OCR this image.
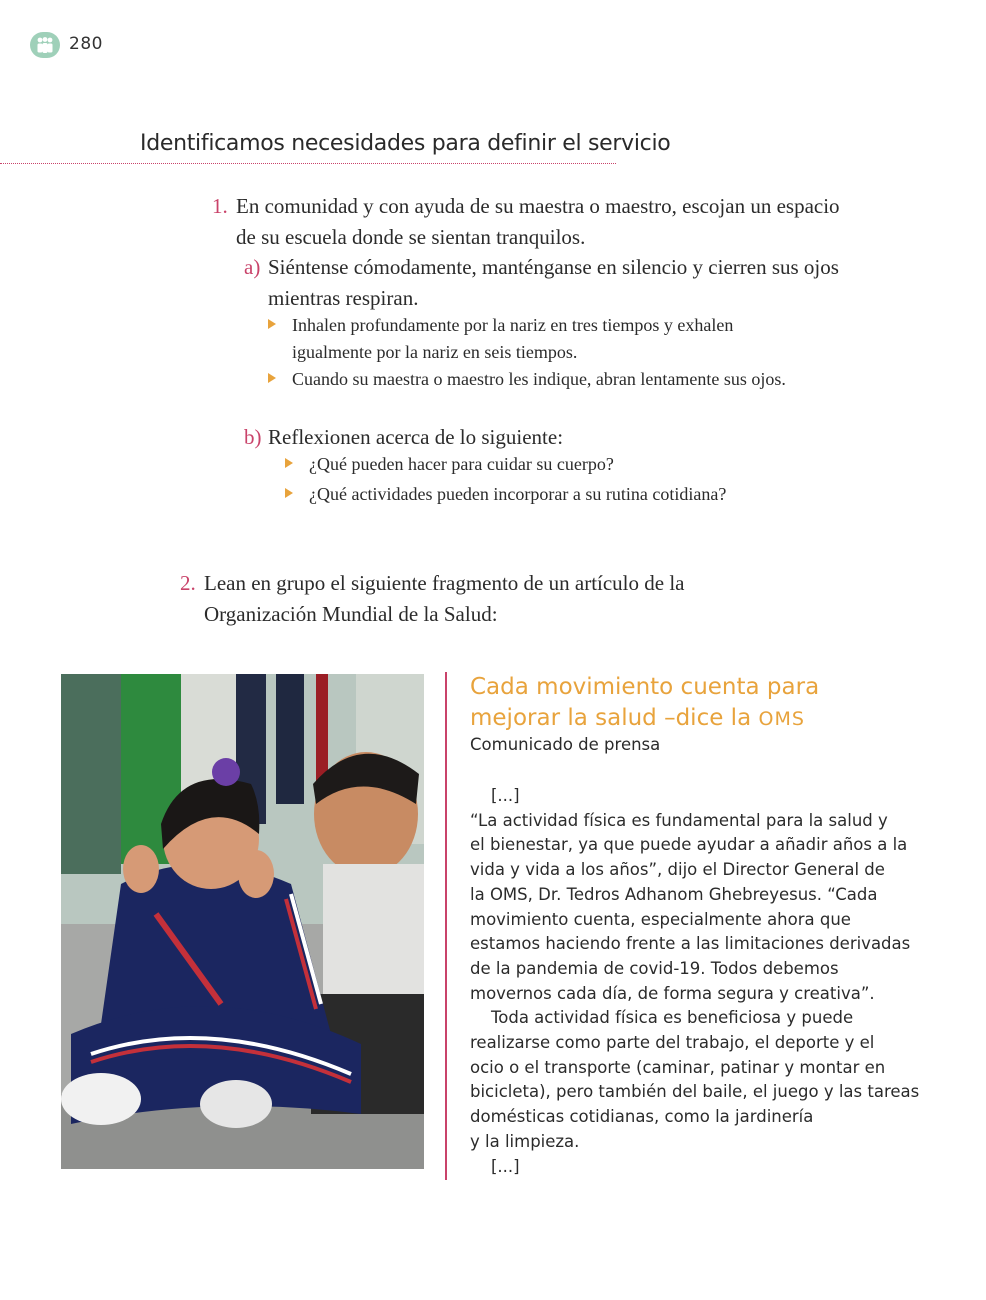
280
Identificamos necesidades para definir el servicio
1. En comunidad y con ayuda de su maestra o maestro, escojan un espacio
de su escuela donde se sientan tranquilos.
a) Siéntense cómodamente, manténganse en silencio y cierren sus ojos
mientras respiran.
Inhalen profundamente por la nariz en tres tiempos y exhalen
igualmente por la nariz en seis tiempos.
Cuando su maestra o maestro les indique, abran lentamente sus ojos.
b) Reflexionen acerca de lo siguiente:
¿Qué pueden hacer para cuidar su cuerpo?
¿Qué actividades pueden incorporar a su rutina cotidiana?
2. Lean en grupo el siguiente fragmento de un artículo de la
Organización Mundial de la Salud:
Cada movimiento cuenta para
mejorar la salud –dice la OMS
Comunicado de prensa
[...]
“La actividad física es fundamental para la salud y
el bienestar, ya que puede ayudar a añadir años a la
vida y vida a los años”, dijo el Director General de
la OMS, Dr. Tedros Adhanom Ghebreyesus. “Cada
movimiento cuenta, especialmente ahora que
estamos haciendo frente a las limitaciones derivadas
de la pandemia de covid-19. Todos debemos
movernos cada día, de forma segura y creativa”.
Toda actividad física es beneficiosa y puede
realizarse como parte del trabajo, el deporte y el
ocio o el transporte (caminar, patinar y montar en
bicicleta), pero también del baile, el juego y las tareas
domésticas cotidianas, como la jardinería
y la limpieza.
[...]
